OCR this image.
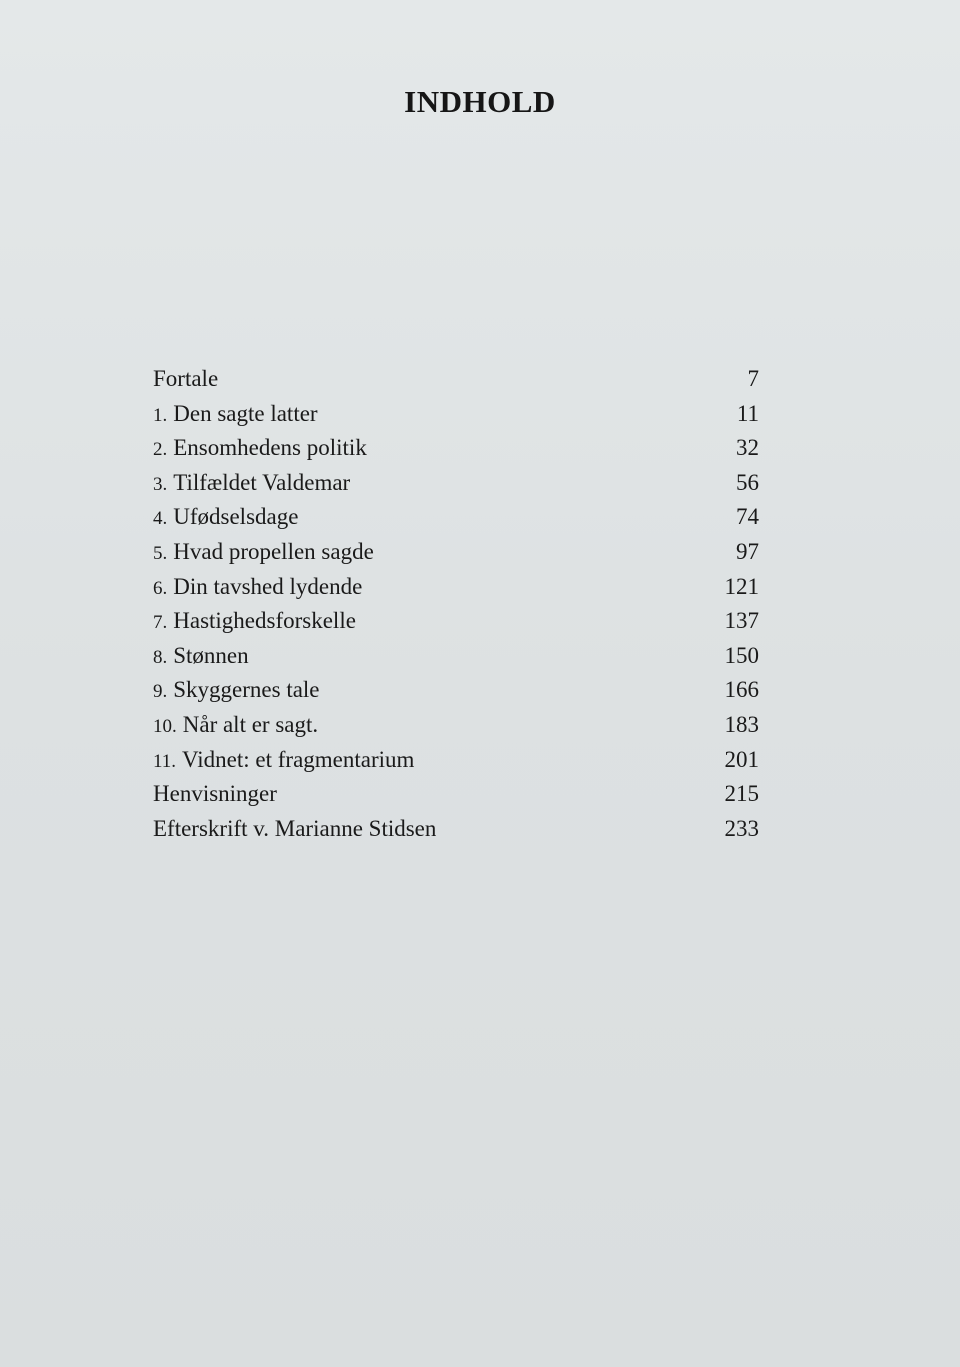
INDHOLD
Fortale	7
1. Den sagte latter	11
2. Ensomhedens politik	32
3. Tilfældet Valdemar	56
4. Ufødselsdage	74
5. Hvad propellen sagde	97
6. Din tavshed lydende	121
7. Hastighedsforskelle	137
8. Stønnen	150
9. Skyggernes tale	166
10. Når alt er sagt.	183
11. Vidnet: et fragmentarium	201
Henvisninger	215
Efterskrift v. Marianne Stidsen	233
